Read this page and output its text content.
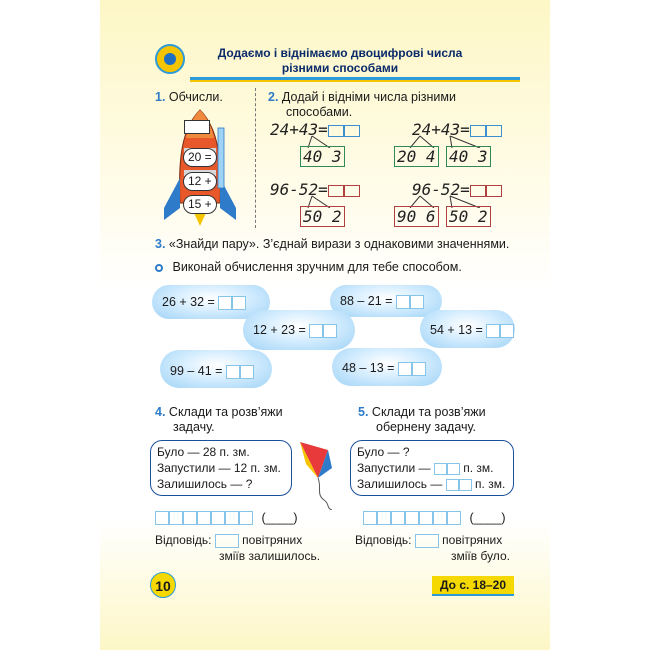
Додаємо і віднімаємо двоцифрові числа
різними способами
1. Обчисли.
20 =
12 +
15 +
2. Додай і відніми числа різними
способами.
24+43=
40 3
24+43=
20 4 40 3
96-52=
50 2
96-52=
90 6 50 2
3. «Знайди пару». З’єднай вирази з однаковими значеннями.
Виконай обчислення зручним для тебе способом.
26 + 32 =	88 – 21 =
12 + 23 =	54 + 13 =
99 – 41 =	48 – 13 =
4. Склади та розв’яжи
задачу.
Було — 28 п. зм.
Запустили — 12 п. зм.
Залишилось — ?
(____)
Відповідь:	повітряних
зміїв залишилось.
5. Склади та розв’яжи
обернену задачу.
Було — ?
Запустили —	п. зм.
Залишилось —	п. зм.
(____)
Відповідь:	повітряних
зміїв було.
10	До с. 18–20
